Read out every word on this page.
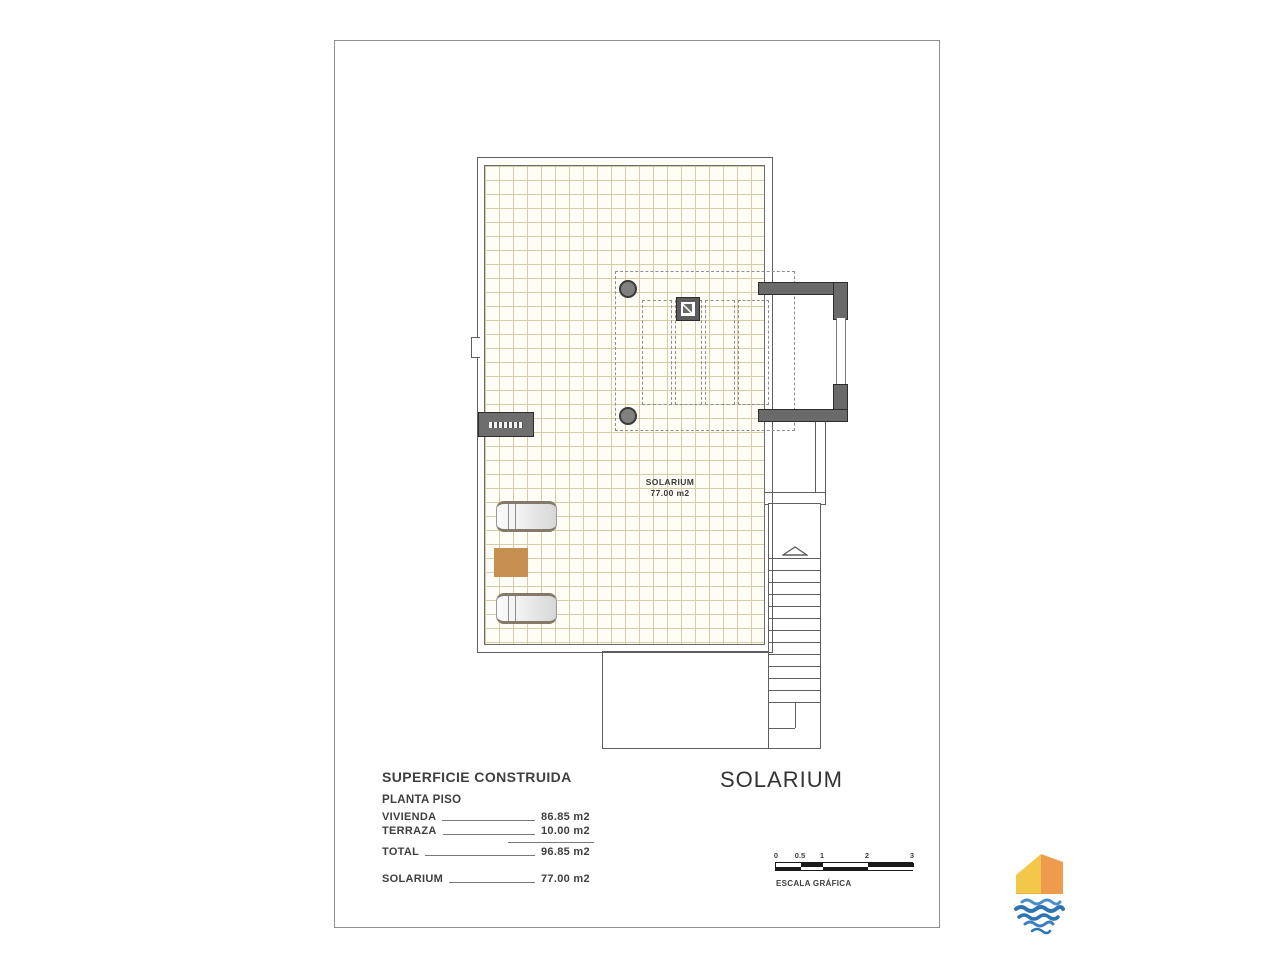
SOLARIUM
77.00 m2
SUPERFICIE CONSTRUIDA
PLANTA PISO
VIVIENDA	86.85 m2
TERRAZA	10.00 m2
TOTAL	96.85 m2
SOLARIUM	77.00 m2
SOLARIUM
0 0.5 1	2	3
ESCALA GRÁFICA
